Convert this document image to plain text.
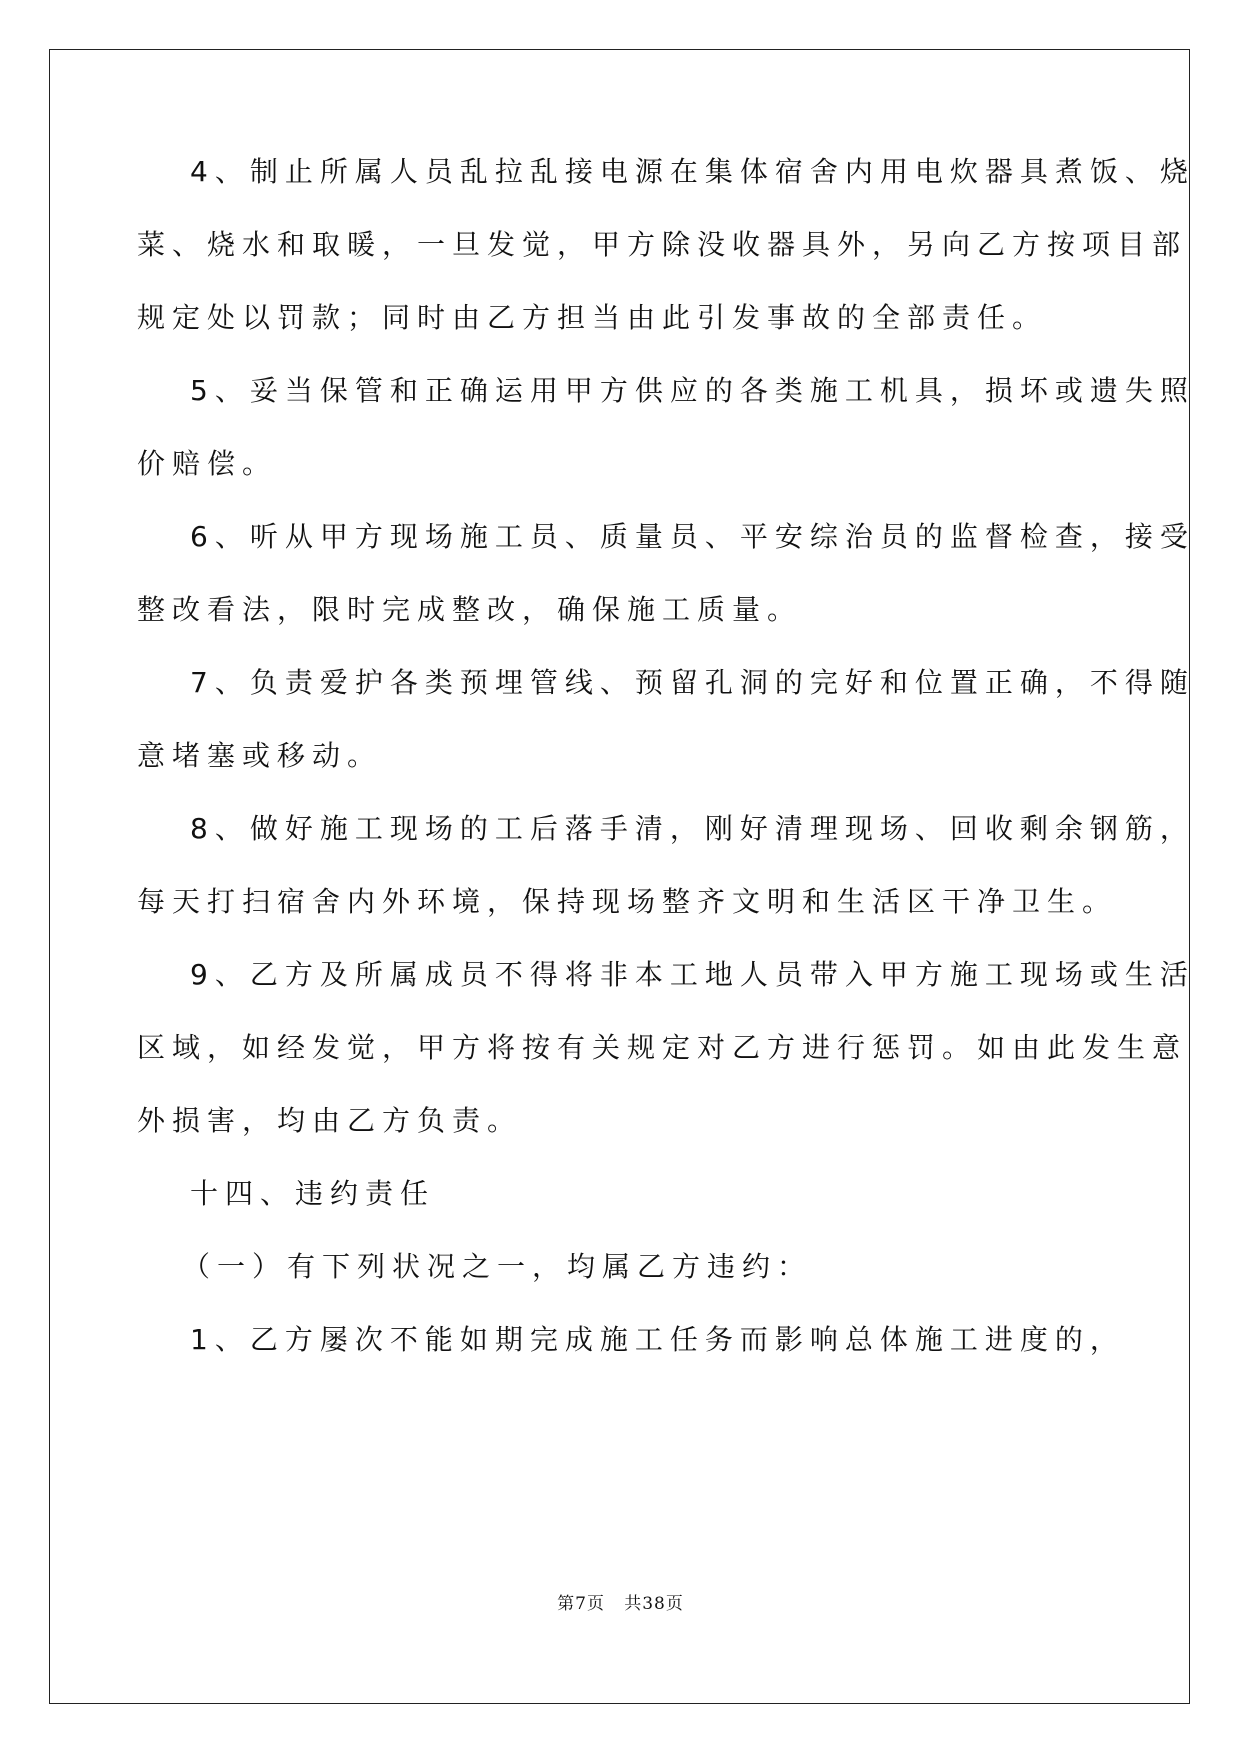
4、制止所属人员乱拉乱接电源在集体宿舍内用电炊器具煮饭、烧
菜、烧水和取暖，一旦发觉，甲方除没收器具外，另向乙方按项目部
规定处以罚款；同时由乙方担当由此引发事故的全部责任。
5、妥当保管和正确运用甲方供应的各类施工机具，损坏或遗失照
价赔偿。
6、听从甲方现场施工员、质量员、平安综治员的监督检查，接受
整改看法，限时完成整改，确保施工质量。
7、负责爱护各类预埋管线、预留孔洞的完好和位置正确，不得随
意堵塞或移动。
8、做好施工现场的工后落手清，刚好清理现场、回收剩余钢筋，
每天打扫宿舍内外环境，保持现场整齐文明和生活区干净卫生。
9、乙方及所属成员不得将非本工地人员带入甲方施工现场或生活
区域，如经发觉，甲方将按有关规定对乙方进行惩罚。如由此发生意
外损害，均由乙方负责。
十四、违约责任
（一）有下列状况之一，均属乙方违约：
1、乙方屡次不能如期完成施工任务而影响总体施工进度的，
第7页 共38页
